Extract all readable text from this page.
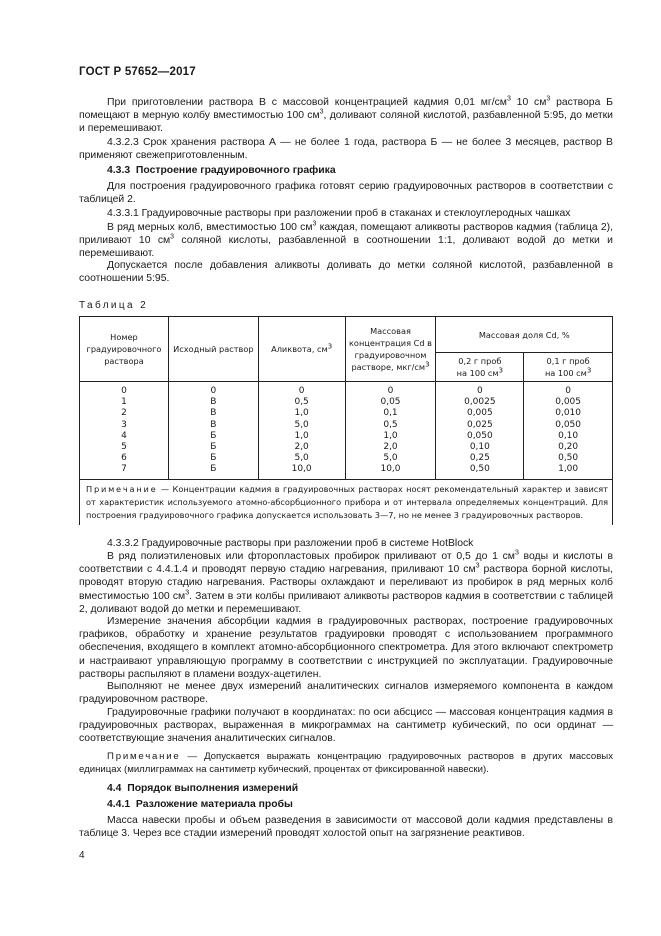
ГОСТ Р 57652—2017

При приготовлении раствора В с массовой концентрацией кадмия 0,01 $мг/см^3$ 10 $см^3$ раствора Б помещают в мерную колбу вместимостью 100 $см^3$, доливают соляной кислотой, разбавленной 5:95, до метки и перемешивают.

4.3.2.3 Срок хранения раствора А — не более 1 года, раствора Б — не более 3 месяцев, раствор В применяют свежеприготовленным.

4.3.3 Построение градуировочного графика

Для построения градуировочного графика готовят серию градуировочных растворов в соответствии с таблицей 2.

4.3.3.1 Градуировочные растворы при разложении проб в стаканах и стеклоуглеродных чашках

В ряд мерных колб, вместимостью 100 $см^3$ каждая, помещают аликвоты растворов кадмия (таблица 2), приливают 10 $см^3$ соляной кислоты, разбавленной в соотношении 1:1, доливают водой до метки и перемешивают.

Допускается после добавления аликвоты доливать до метки соляной кислотой, разбавленной в соотношении 5:95.

Таблица 2
Номер градуировочного раствора	Исходный раствор	Аликвота, $см^3$	Массовая концентрация Cd в градуировочном растворе, мкг/$см^3$	Массовая доля Cd, %	
				0,2 г проб
на 100 $см^3$	0,1 г проб
на 100 $см^3$
0	0	0	0	0	0
1	В	0,5	0,05	0,0025	0,005
2	В	1,0	0,1	0,005	0,010
3	В	5,0	0,5	0,025	0,050
4	Б	1,0	1,0	0,050	0,10
5	Б	2,0	2,0	0,10	0,20
6	Б	5,0	5,0	0,25	0,50
7	Б	10,0	10,0	0,50	1,00
Примечание — Концентрации кадмия в градуировочных растворах носят рекомендательный характер и зависят от характеристик используемого атомно-абсорбционного прибора и от интервала определяемых концентраций. Для построения градуировочного графика допускается использовать 3—7, но не менее 3 градуировочных растворов.					

4.3.3.2 Градуировочные растворы при разложении проб в системе HotBlock

В ряд полиэтиленовых или фторопластовых пробирок приливают от 0,5 до 1 $см^3$ воды и кислоты в соответствии с 4.4.1.4 и проводят первую стадию нагревания, приливают 10 $см^3$ раствора борной кислоты, проводят вторую стадию нагревания. Растворы охлаждают и переливают из пробирок в ряд мерных колб вместимостью 100 $см^3$. Затем в эти колбы приливают аликвоты растворов кадмия в соответствии с таблицей 2, доливают водой до метки и перемешивают.

Измерение значения абсорбции кадмия в градуировочных растворах, построение градуировочных графиков, обработку и хранение результатов градуировки проводят с использованием программного обеспечения, входящего в комплект атомно-абсорбционного спектрометра. Для этого включают спектрометр и настраивают управляющую программу в соответствии с инструкцией по эксплуатации. Градуировочные растворы распыляют в пламени воздух-ацетилен.

Выполняют не менее двух измерений аналитических сигналов измеряемого компонента в каждом градуировочном растворе.

Градуировочные графики получают в координатах: по оси абсцисс — массовая концентрация кадмия в градуировочных растворах, выраженная в микрограммах на сантиметр кубический, по оси ординат — соответствующие значения аналитических сигналов.

Примечание — Допускается выражать концентрацию градуировочных растворов в других массовых единицах (миллиграммах на сантиметр кубический, процентах от фиксированной навески).

4.4 Порядок выполнения измерений

4.4.1 Разложение материала пробы

Масса навески пробы и объем разведения в зависимости от массовой доли кадмия представлены в таблице 3. Через все стадии измерений проводят холостой опыт на загрязнение реактивов.

4
